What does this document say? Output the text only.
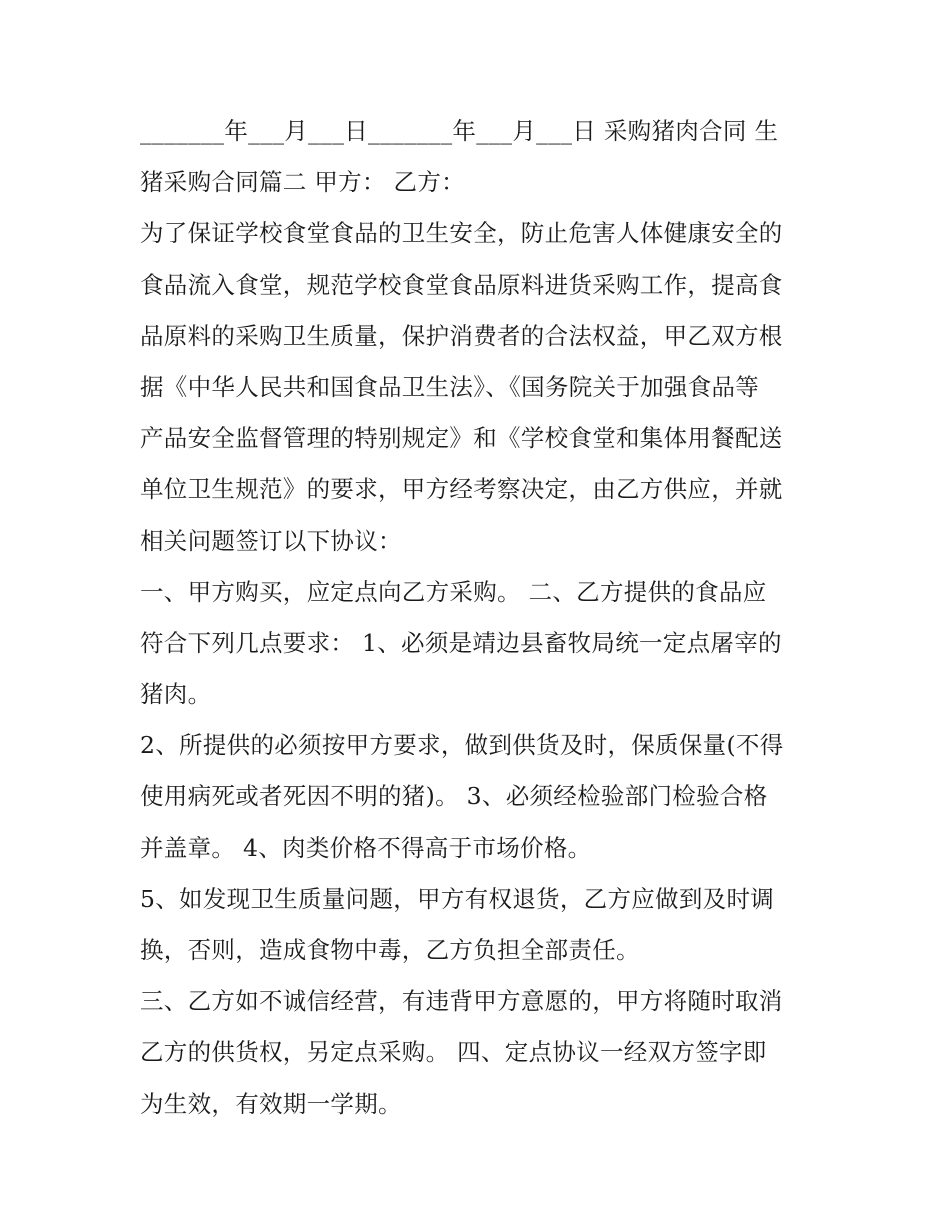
_______年___月___日_______年___月___日 采购猪肉合同 生
猪采购合同篇二 甲方： 乙方：
为了保证学校食堂食品的卫生安全，防止危害人体健康安全的
食品流入食堂，规范学校食堂食品原料进货采购工作，提高食
品原料的采购卫生质量，保护消费者的合法权益，甲乙双方根
据《中华人民共和国食品卫生法》、《国务院关于加强食品等
产品安全监督管理的特别规定》和《学校食堂和集体用餐配送
单位卫生规范》的要求，甲方经考察决定，由乙方供应，并就
相关问题签订以下协议：
一、甲方购买，应定点向乙方采购。 二、乙方提供的食品应
符合下列几点要求： 1、必须是靖边县畜牧局统一定点屠宰的
猪肉。
2、所提供的必须按甲方要求，做到供货及时，保质保量(不得
使用病死或者死因不明的猪)。 3、必须经检验部门检验合格
并盖章。 4、肉类价格不得高于市场价格。
5、如发现卫生质量问题，甲方有权退货，乙方应做到及时调
换，否则，造成食物中毒，乙方负担全部责任。
三、乙方如不诚信经营，有违背甲方意愿的，甲方将随时取消
乙方的供货权，另定点采购。 四、定点协议一经双方签字即
为生效，有效期一学期。
